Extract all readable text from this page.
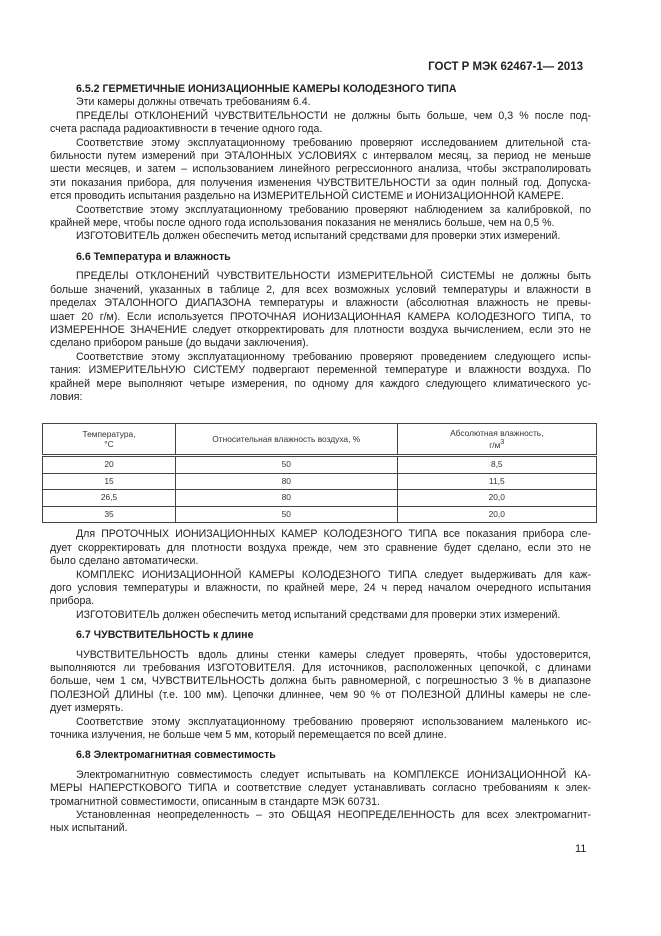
ГОСТ Р МЭК 62467-1— 2013
6.5.2 ГЕРМЕТИЧНЫЕ ИОНИЗАЦИОННЫЕ КАМЕРЫ КОЛОДЕЗНОГО ТИПА
Эти камеры должны отвечать требованиям 6.4.
ПРЕДЕЛЫ ОТКЛОНЕНИЙ ЧУВСТВИТЕЛЬНОСТИ не должны быть больше, чем 0,3 % после под-
счета распада радиоактивности в течение одного года.
Соответствие этому эксплуатационному требованию проверяют исследованием длительной ста-
бильности путем измерений при ЭТАЛОННЫХ УСЛОВИЯХ с интервалом месяц, за период не меньше
шести месяцев, и затем – использованием линейного регрессионного анализа, чтобы экстраполировать
эти показания прибора, для получения изменения ЧУВСТВИТЕЛЬНОСТИ за один полный год. Допуска-
ется проводить испытания раздельно на ИЗМЕРИТЕЛЬНОЙ СИСТЕМЕ и ИОНИЗАЦИОННОЙ КАМЕРЕ.
Соответствие этому эксплуатационному требованию проверяют наблюдением за калибровкой, по
крайней мере, чтобы после одного года использования показания не менялись больше, чем на 0,5 %.
ИЗГОТОВИТЕЛЬ должен обеспечить метод испытаний средствами для проверки этих измерений.
6.6 Температура и влажность
ПРЕДЕЛЫ ОТКЛОНЕНИЙ ЧУВСТВИТЕЛЬНОСТИ ИЗМЕРИТЕЛЬНОЙ СИСТЕМЫ не должны быть
больше значений, указанных в таблице 2, для всех возможных условий температуры и влажности в
пределах ЭТАЛОННОГО ДИАПАЗОНА температуры и влажности (абсолютная влажность не превы-
шает 20 г/м). Если используется ПРОТОЧНАЯ ИОНИЗАЦИОННАЯ КАМЕРА КОЛОДЕЗНОГО ТИПА, то
ИЗМЕРЕННОЕ ЗНАЧЕНИЕ следует откорректировать для плотности воздуха вычислением, если это не
сделано прибором раньше (до выдачи заключения).
Соответствие этому эксплуатационному требованию проверяют проведением следующего испы-
тания: ИЗМЕРИТЕЛЬНУЮ СИСТЕМУ подвергают переменной температуре и влажности воздуха. По
крайней мере выполняют четыре измерения, по одному для каждого следующего климатического ус-
ловия:
Температура,
°С	Относительная влажность воздуха, %	Абсолютная влажность,
$г/м^3$
20	50	8,5
15	80	11,5
26,5	80	20,0
35	50	20,0
Для ПРОТОЧНЫХ ИОНИЗАЦИОННЫХ КАМЕР КОЛОДЕЗНОГО ТИПА все показания прибора сле-
дует скорректировать для плотности воздуха прежде, чем это сравнение будет сделано, если это не
было сделано автоматически.
КОМПЛЕКС ИОНИЗАЦИОННОЙ КАМЕРЫ КОЛОДЕЗНОГО ТИПА следует выдерживать для каж-
дого условия температуры и влажности, по крайней мере, 24 ч перед началом очередного испытания
прибора.
ИЗГОТОВИТЕЛЬ должен обеспечить метод испытаний средствами для проверки этих измерений.
6.7 ЧУВСТВИТЕЛЬНОСТЬ к длине
ЧУВСТВИТЕЛЬНОСТЬ вдоль длины стенки камеры следует проверять, чтобы удостоверится,
выполняются ли требования ИЗГОТОВИТЕЛЯ. Для источников, расположенных цепочкой, с длинами
больше, чем 1 см, ЧУВСТВИТЕЛЬНОСТЬ должна быть равномерной, с погрешностью 3 % в диапазоне
ПОЛЕЗНОЙ ДЛИНЫ (т.е. 100 мм). Цепочки длиннее, чем 90 % от ПОЛЕЗНОЙ ДЛИНЫ камеры не сле-
дует измерять.
Соответствие этому эксплуатационному требованию проверяют использованием маленького ис-
точника излучения, не больше чем 5 мм, который перемещается по всей длине.
6.8 Электромагнитная совместимость
Электромагнитную совместимость следует испытывать на КОМПЛЕКСЕ ИОНИЗАЦИОННОЙ КА-
МЕРЫ НАПЕРСТКОВОГО ТИПА и соответствие следует устанавливать согласно требованиям к элек-
тромагнитной совместимости, описанным в стандарте МЭК 60731.
Установленная неопределенность – это ОБЩАЯ НЕОПРЕДЕЛЕННОСТЬ для всех электромагнит-
ных испытаний.
11
